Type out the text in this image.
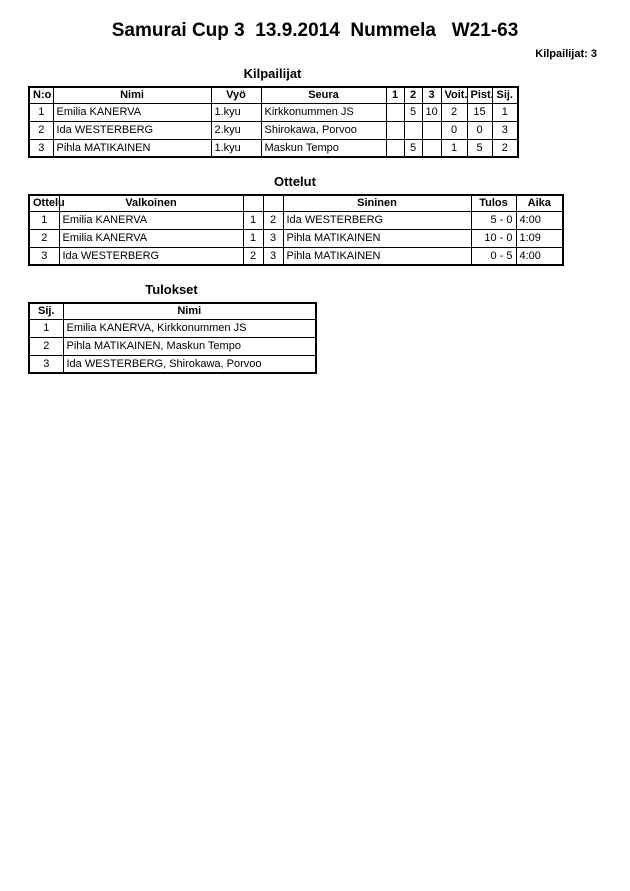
Samurai Cup 3  13.9.2014  Nummela   W21-63
Kilpailijat: 3
Kilpailijat
N:o	Nimi	Vyö	Seura	1	2	3	Voit.	Pist.	Sij.
1	Emilia KANERVA	1.kyu	Kirkkonummen JS		5	10	2	15	1
2	Ida WESTERBERG	2.kyu	Shirokawa, Porvoo				0	0	3
3	Pihla MATIKAINEN	1.kyu	Maskun Tempo		5		1	5	2
Ottelut
Ottelu	Valkoinen			Sininen	Tulos	Aika
1	Emilia KANERVA	1	2	Ida WESTERBERG	5 - 0	4:00
2	Emilia KANERVA	1	3	Pihla MATIKAINEN	10 - 0	1:09
3	Ida WESTERBERG	2	3	Pihla MATIKAINEN	0 - 5	4:00
Tulokset
Sij.	Nimi
1	Emilia KANERVA, Kirkkonummen JS
2	Pihla MATIKAINEN, Maskun Tempo
3	Ida WESTERBERG, Shirokawa, Porvoo
